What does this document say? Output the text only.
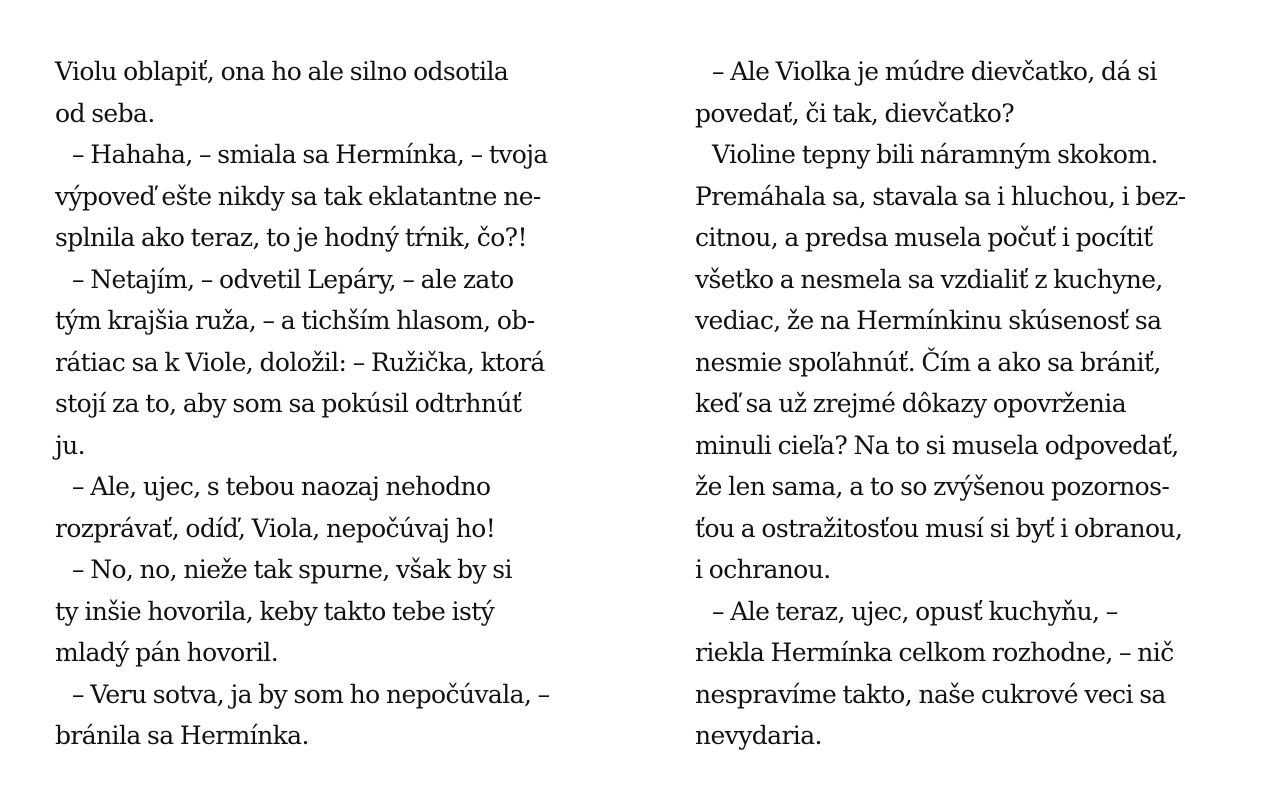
Violu oblapiť, ona ho ale silno odsotila
od seba.
– Hahaha, – smiala sa Hermínka, – tvoja
výpoveď ešte nikdy sa tak eklatantne ne-
splnila ako teraz, to je hodný tŕnik, čo?!
– Netajím, – odvetil Lepáry, – ale zato
tým krajšia ruža, – a tichším hlasom, ob-
rátiac sa k Viole, doložil: – Ružička, ktorá
stojí za to, aby som sa pokúsil odtrhnúť
ju.
– Ale, ujec, s tebou naozaj nehodno
rozprávať, odíď, Viola, nepočúvaj ho!
– No, no, nieže tak spurne, však by si
ty inšie hovorila, keby takto tebe istý
mladý pán hovoril.
– Veru sotva, ja by som ho nepočúvala, –
bránila sa Hermínka.
– Ale Violka je múdre dievčatko, dá si
povedať, či tak, dievčatko?
Violine tepny bili náramným skokom.
Premáhala sa, stavala sa i hluchou, i bez-
citnou, a predsa musela počuť i pocítiť
všetko a nesmela sa vzdialiť z kuchyne,
vediac, že na Hermínkinu skúsenosť sa
nesmie spoľahnúť. Čím a ako sa brániť,
keď sa už zrejmé dôkazy opovrženia
minuli cieľa? Na to si musela odpovedať,
že len sama, a to so zvýšenou pozornos-
ťou a ostražitosťou musí si byť i obranou,
i ochranou.
– Ale teraz, ujec, opusť kuchyňu, –
riekla Hermínka celkom rozhodne, – nič
nespravíme takto, naše cukrové veci sa
nevydaria.
